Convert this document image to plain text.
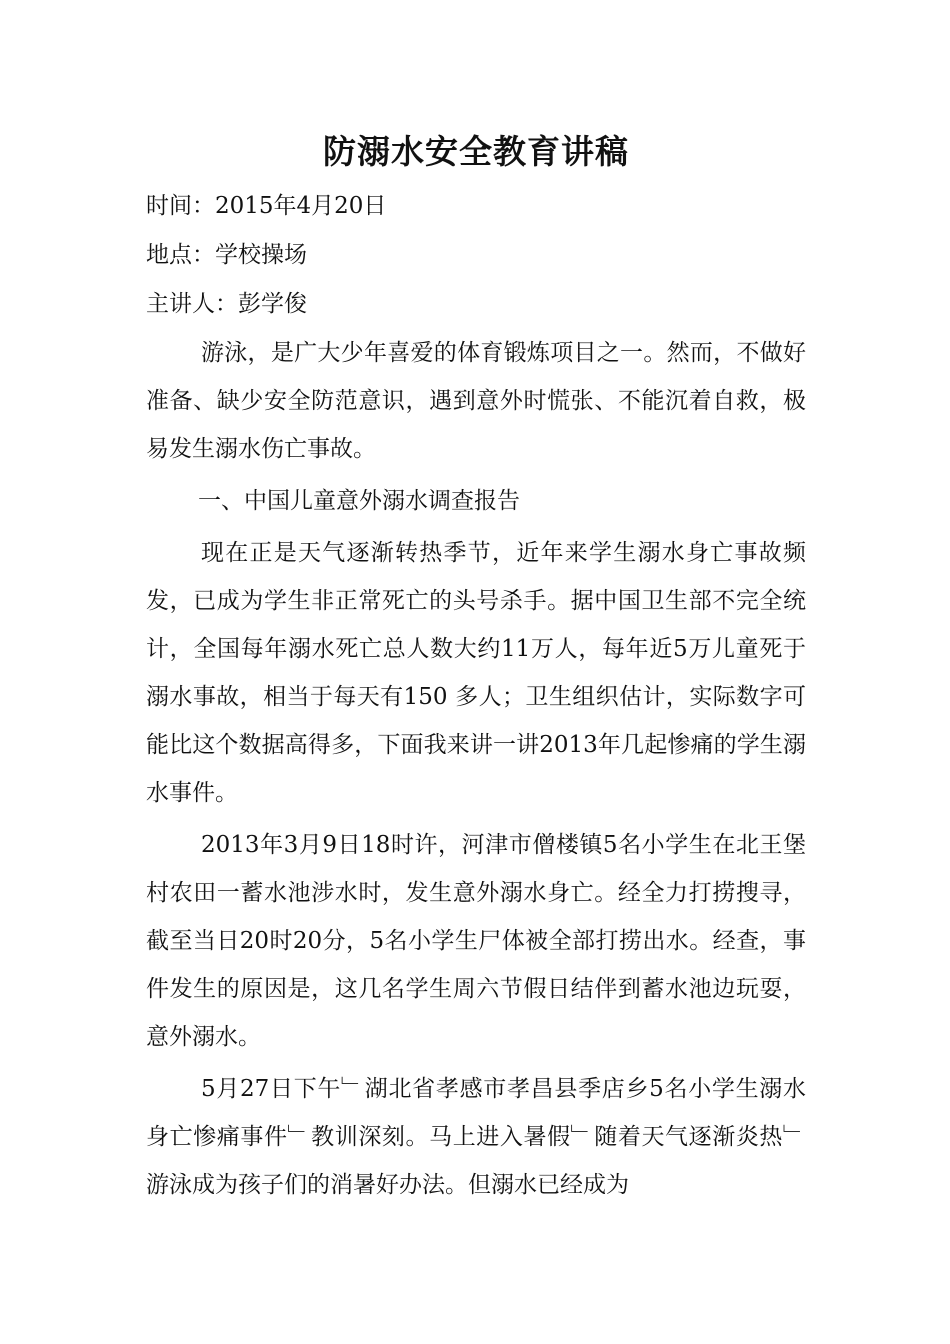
防溺水安全教育讲稿

时间：2015年4月20日

地点：学校操场

主讲人：彭学俊

游泳，是广大少年喜爱的体育锻炼项目之一。然而，不做好准备、缺少安全防范意识，遇到意外时慌张、不能沉着自救，极易发生溺水伤亡事故。

一、中国儿童意外溺水调查报告

现在正是天气逐渐转热季节，近年来学生溺水身亡事故频发，已成为学生非正常死亡的头号杀手。据中国卫生部不完全统计，全国每年溺水死亡总人数大约11万人，每年近5万儿童死于溺水事故，相当于每天有150 多人；卫生组织估计，实际数字可能比这个数据高得多，下面我来讲一讲2013年几起惨痛的学生溺水事件。

2013年3月9日18时许，河津市僧楼镇5名小学生在北王堡村农田一蓄水池涉水时，发生意外溺水身亡。经全力打捞搜寻，截至当日20时20分，5名小学生尸体被全部打捞出水。经查，事件发生的原因是，这几名学生周六节假日结伴到蓄水池边玩耍，意外溺水。

5月27日下午﹂湖北省孝感市孝昌县季店乡5名小学生溺水身亡惨痛事件﹂教训深刻。马上进入暑假﹂随着天气逐渐炎热﹂游泳成为孩子们的消暑好办法。但溺水已经成为
